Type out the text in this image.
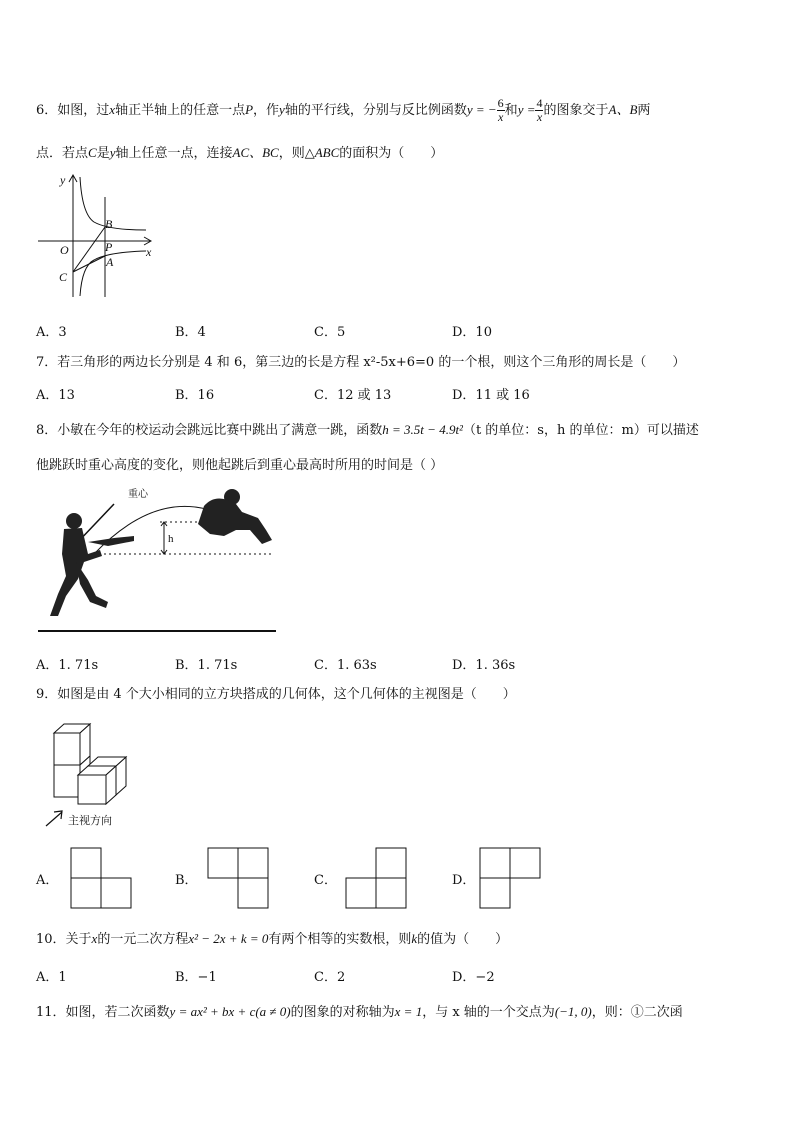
6．如图，过x轴正半轴上的任意一点P，作y轴的平行线，分别与反比例函数y = − $\frac{6}{x}$ 和$y = \frac{4}{x}$ 的图象交于A、B两
点．若点C是y轴上任意一点，连接AC、BC，则△ABC的面积为（　　）
y
x
O
B
P
A
C
A．3	B．4	C．5	D．10
7．若三角形的两边长分别是 4 和 6，第三边的长是方程 x²-5x+6=0 的一个根，则这个三角形的周长是（　　）
A．13	B．16	C．12 或 13	D．11 或 16
8．小敏在今年的校运动会跳远比赛中跳出了满意一跳，函数h = 3.5t − 4.9t²（t 的单位：s，h 的单位：m）可以描述
他跳跃时重心高度的变化，则他起跳后到重心最高时所用的时间是（ ）
重心
h
A．1. 71s	B．1. 71s	C．1. 63s	D．1. 36s
9．如图是由 4 个大小相同的立方块搭成的几何体，这个几何体的主视图是（　　）
主视方向
A．	B．	C．	D．
10．关于x的一元二次方程x² − 2x + k = 0有两个相等的实数根，则k的值为（　　）
A．1	B．−1	C．2	D．−2
11．如图，若二次函数y = ax² + bx + c(a ≠ 0)的图象的对称轴为x = 1，与 x 轴的一个交点为(−1, 0)，则：①二次函
